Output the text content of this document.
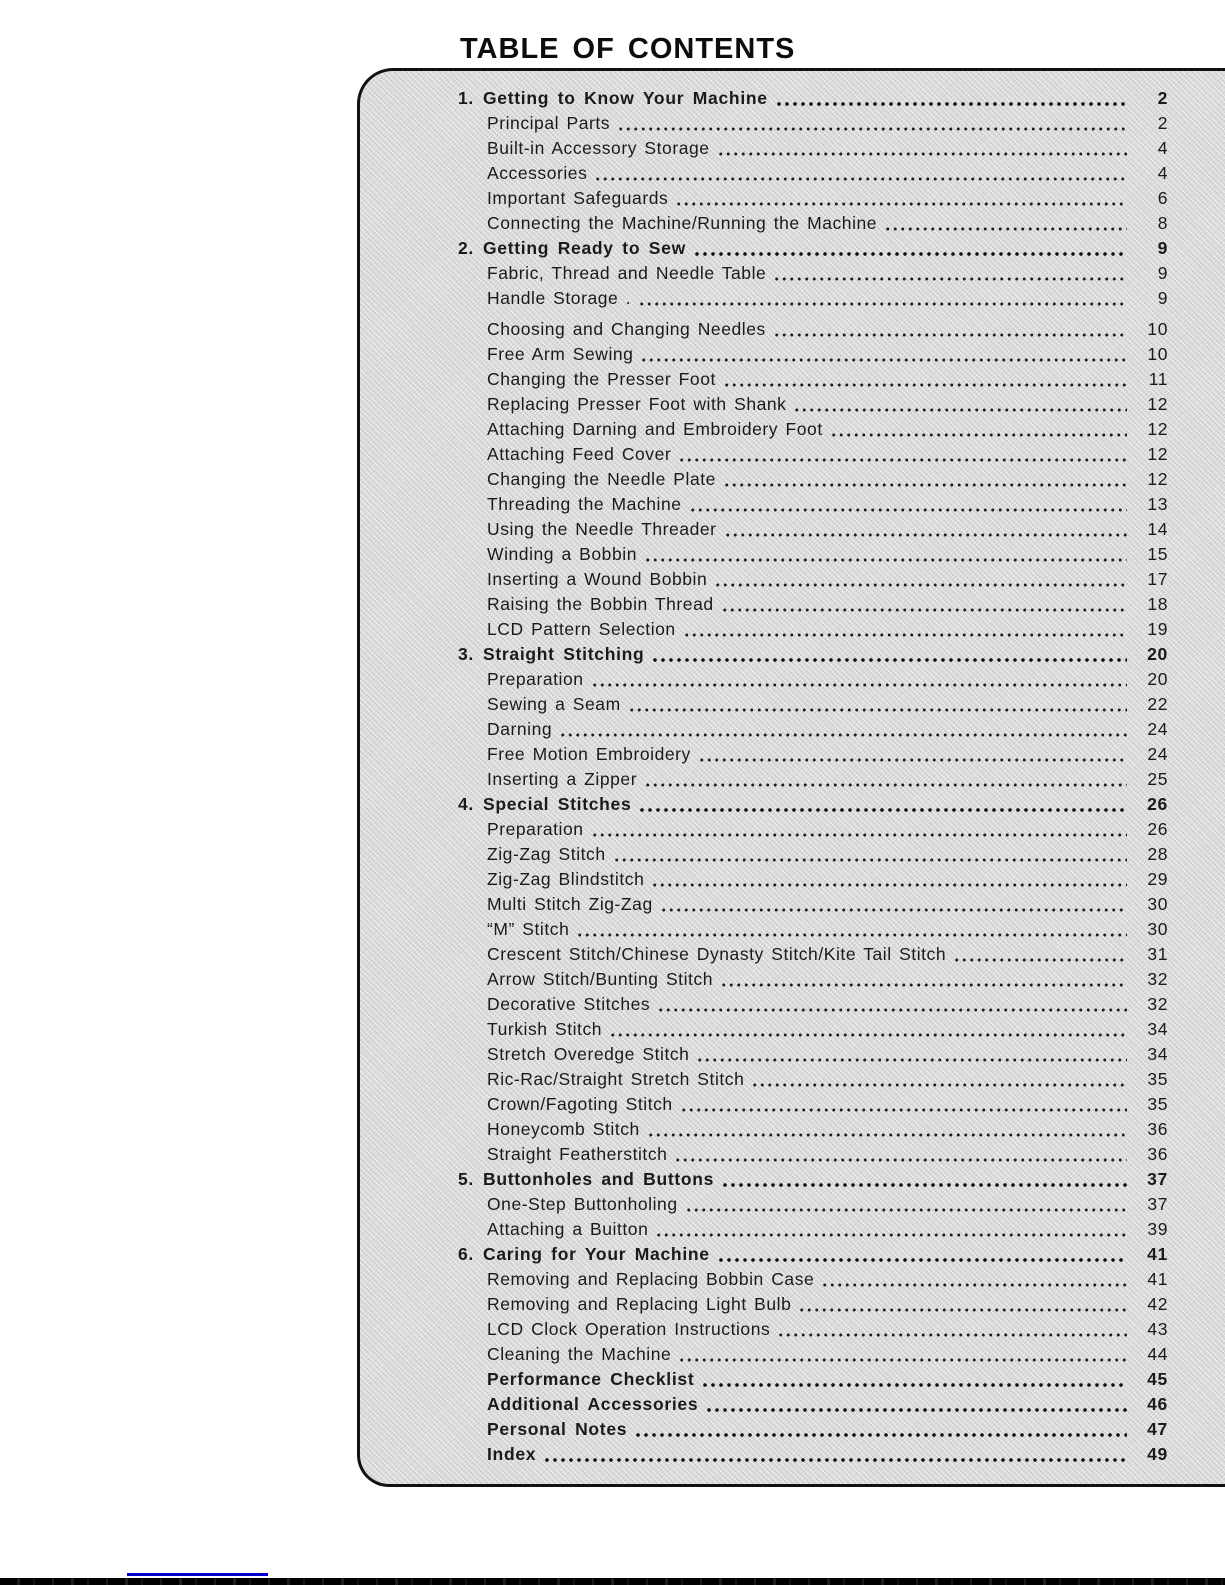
TABLE OF CONTENTS
1. Getting to Know Your Machine	2
Principal Parts	2
Built-in Accessory Storage	4
Accessories	4
Important Safeguards	6
Connecting the Machine/Running the Machine	8
2. Getting Ready to Sew	9
Fabric, Thread and Needle Table	9
Handle Storage .	9
Choosing and Changing Needles	10
Free Arm Sewing	10
Changing the Presser Foot	11
Replacing Presser Foot with Shank	12
Attaching Darning and Embroidery Foot	12
Attaching Feed Cover	12
Changing the Needle Plate	12
Threading the Machine	13
Using the Needle Threader	14
Winding a Bobbin	15
Inserting a Wound Bobbin	17
Raising the Bobbin Thread	18
LCD Pattern Selection	19
3. Straight Stitching	20
Preparation	20
Sewing a Seam	22
Darning	24
Free Motion Embroidery	24
Inserting a Zipper	25
4. Special Stitches	26
Preparation	26
Zig-Zag Stitch	28
Zig-Zag Blindstitch	29
Multi Stitch Zig-Zag	30
“M” Stitch	30
Crescent Stitch/Chinese Dynasty Stitch/Kite Tail Stitch	31
Arrow Stitch/Bunting Stitch	32
Decorative Stitches	32
Turkish Stitch	34
Stretch Overedge Stitch	34
Ric-Rac/Straight Stretch Stitch	35
Crown/Fagoting Stitch	35
Honeycomb Stitch	36
Straight Featherstitch	36
5. Buttonholes and Buttons	37
One-Step Buttonholing	37
Attaching a Buitton	39
6. Caring for Your Machine	41
Removing and Replacing Bobbin Case	41
Removing and Replacing Light Bulb	42
LCD Clock Operation Instructions	43
Cleaning the Machine	44
Performance Checklist	45
Additional Accessories	46
Personal Notes	47
Index	49
